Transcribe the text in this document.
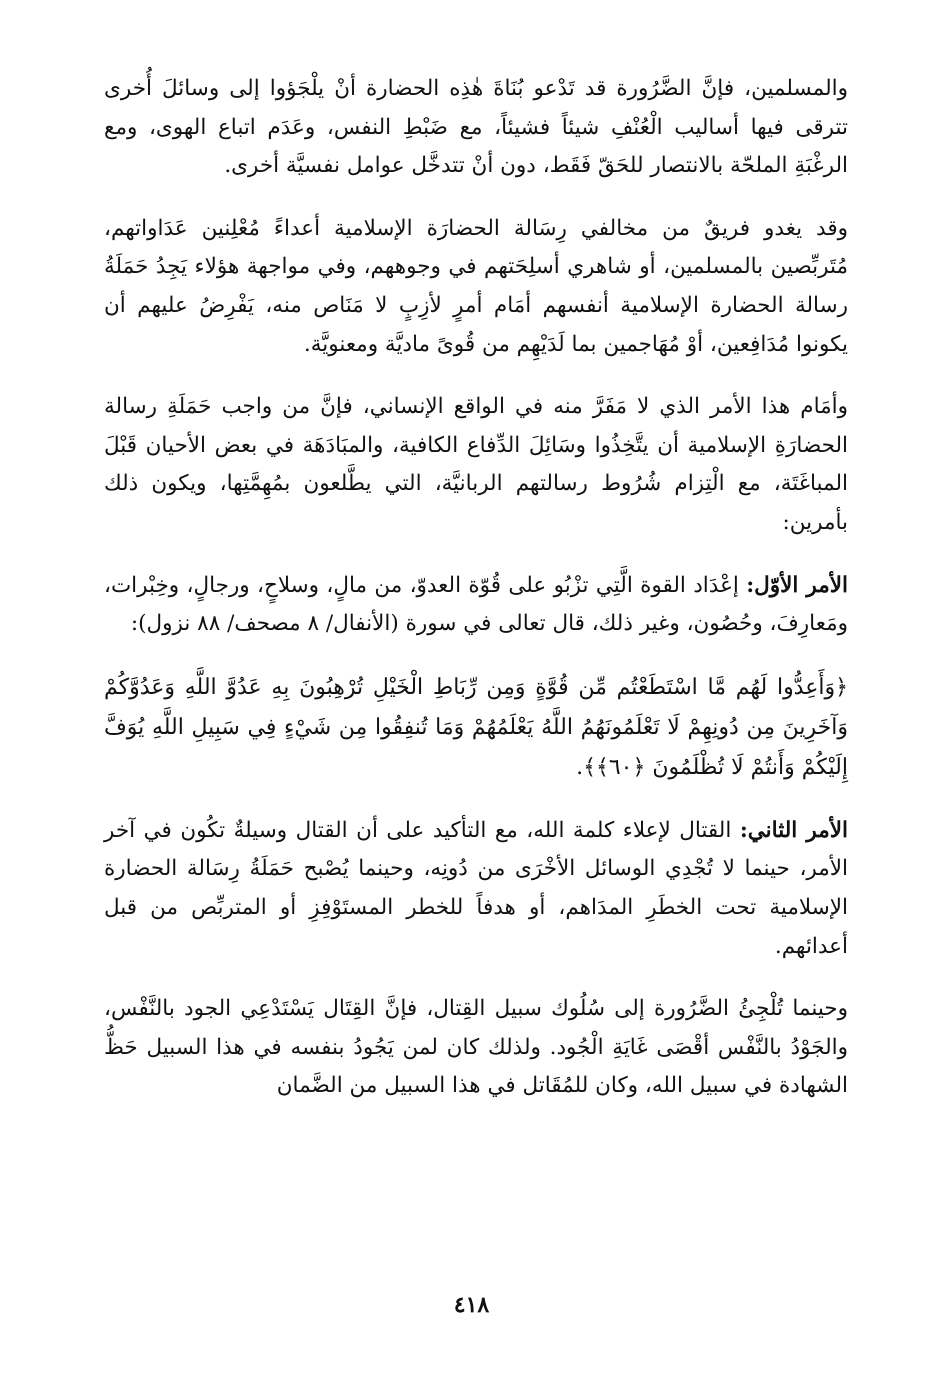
والمسلمين، فإنَّ الضَّرُورة قد تَدْعو بُنَاةَ هٰذِه الحضارة أنْ يلْجَؤوا إلى وسائلَ أُخرى تترقى فيها أساليب الْعُنْفِ شيئاً فشيئاً، مع ضَبْطِ النفس، وعَدَم اتباع الهوى، ومع الرغْبَةِ الملحّة بالانتصار للحَقّ فَقَط، دون أنْ تتدخَّل عوامل نفسيَّة أخرى.

وقد يغدو فريقٌ من مخالفي رِسَالة الحضارَة الإسلامية أعداءً مُعْلِنين عَدَاواتهم، مُتَربِّصين بالمسلمين، أو شاهري أسلِحَتهم في وجوههم، وفي مواجهة هؤلاء يَجِدُ حَمَلَةُ رسالة الحضارة الإسلامية أنفسهم أمَام أمرٍ لأزِبٍ لا مَنَاص منه، يَفْرِضُ عليهم أن يكونوا مُدَافِعين، أوْ مُهَاجمين بما لَدَيْهِم من قُوىً ماديَّة ومعنويَّة.

وأمَام هذا الأمر الذي لا مَفَرَّ منه في الواقع الإنساني، فإنَّ من واجب حَمَلَةِ رسالة الحضارَةِ الإسلامية أن يتَّخِذُوا وسَائِلَ الدِّفاع الكافية، والمبَادَهَة في بعض الأحيان قَبْلَ المباغَتَة، مع الْتِزام شُرُوط رسالتهم الربانيَّة، التي يطَّلعون بمُهِمَّتِها، ويكون ذلك بأمرين:

الأمر الأوّل: إعْدَاد القوة الَّتِي تزْبُو على قُوّة العدوّ، من مالٍ، وسلاحٍ، ورجالٍ، وخِبْرات، ومَعارِفَ، وحُصُون، وغير ذلك، قال تعالى في سورة (الأنفال/ ٨ مصحف/ ٨٨ نزول):

﴿وَأَعِدُّوا لَهُم مَّا اسْتَطَعْتُم مِّن قُوَّةٍ وَمِن رِّبَاطِ الْخَيْلِ تُرْهِبُونَ بِهِ عَدُوَّ اللَّهِ وَعَدُوَّكُمْ وَآخَرِينَ مِن دُونِهِمْ لَا تَعْلَمُونَهُمُ اللَّهُ يَعْلَمُهُمْ وَمَا تُنفِقُوا مِن شَيْءٍ فِي سَبِيلِ اللَّهِ يُوَفَّ إِلَيْكُمْ وَأَنتُمْ لَا تُظْلَمُونَ ﴿٦٠﴾﴾.

الأمر الثاني: القتال لإعلاء كلمة الله، مع التأكيد على أن القتال وسيلةٌ تكُون في آخر الأمر، حينما لا تُجْدِي الوسائل الأخْرَى من دُونِه، وحينما يُصْبح حَمَلَةُ رِسَالة الحضارة الإسلامية تحت الخطَرِ المدَاهم، أو هدفاً للخطر المستَوْفِزِ أو المتربِّص من قبل أعدائهم.

وحينما تُلْجِئُ الضَّرُورة إلى سُلُوك سبيل القِتال، فإنَّ القِتَال يَسْتَدْعِي الجود بالنَّفْس، والجَوْدُ بالنَّفْس أقْصَى غَايَةِ الْجُود. ولذلك كان لمن يَجُودُ بنفسه في هذا السبيل حَظُّ الشهادة في سبيل الله، وكان للمُقَاتل في هذا السبيل من الضَّمان

٤١٨
